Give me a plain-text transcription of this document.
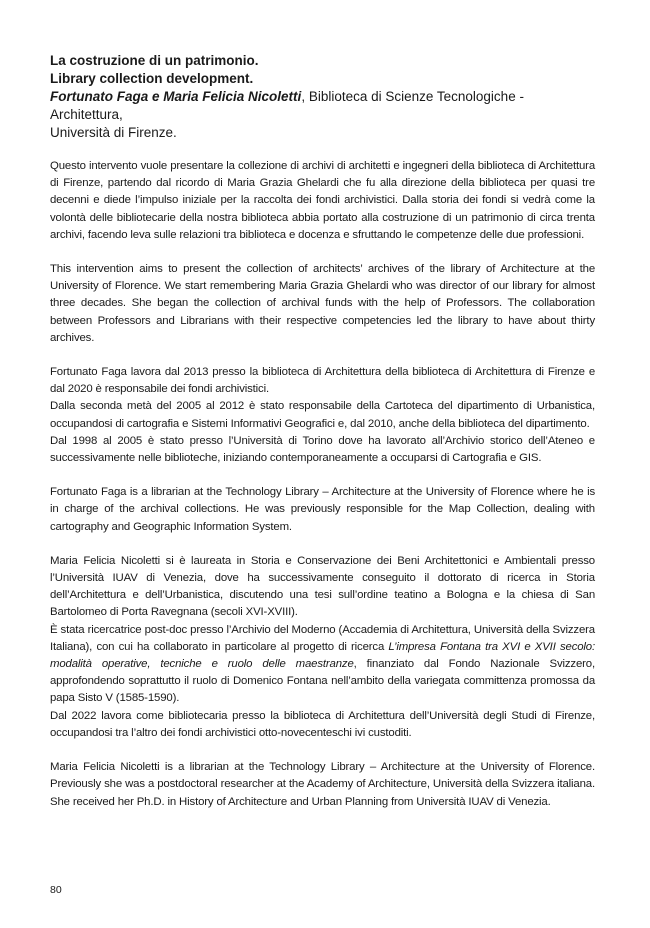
La costruzione di un patrimonio.
Library collection development.
Fortunato Faga e Maria Felicia Nicoletti, Biblioteca di Scienze Tecnologiche - Architettura,
Università di Firenze.

Questo intervento vuole presentare la collezione di archivi di architetti e ingegneri della biblioteca di Architettura di Firenze, partendo dal ricordo di Maria Grazia Ghelardi che fu alla direzione della biblioteca per quasi tre decenni e diede l’impulso iniziale per la raccolta dei fondi archivistici. Dalla storia dei fondi si vedrà come la volontà delle bibliotecarie della nostra biblioteca abbia portato alla costruzione di un patrimonio di circa trenta archivi, facendo leva sulle relazioni tra biblioteca e docenza e sfruttando le competenze delle due professioni.

This intervention aims to present the collection of architects’ archives of the library of Architecture at the University of Florence. We start remembering Maria Grazia Ghelardi who was director of our library for almost three decades. She began the collection of archival funds with the help of Professors. The collaboration between Professors and Librarians with their respective competencies led the library to have about thirty archives.

Fortunato Faga lavora dal 2013 presso la biblioteca di Architettura della biblioteca di Architettura di Firenze e dal 2020 è responsabile dei fondi archivistici.
Dalla seconda metà del 2005 al 2012 è stato responsabile della Cartoteca del dipartimento di Urbanistica, occupandosi di cartografia e Sistemi Informativi Geografici e, dal 2010, anche della biblioteca del dipartimento.
Dal 1998 al 2005 è stato presso l’Università di Torino dove ha lavorato all’Archivio storico dell’Ateneo e successivamente nelle biblioteche, iniziando contemporaneamente a occuparsi di Cartografia e GIS.

Fortunato Faga is a librarian at the Technology Library – Architecture at the University of Florence where he is in charge of the archival collections. He was previously responsible for the Map Collection, dealing with cartography and Geographic Information System.

Maria Felicia Nicoletti si è laureata in Storia e Conservazione dei Beni Architettonici e Ambientali presso l’Università IUAV di Venezia, dove ha successivamente conseguito il dottorato di ricerca in Storia dell’Architettura e dell’Urbanistica, discutendo una tesi sull’ordine teatino a Bologna e la chiesa di San Bartolomeo di Porta Ravegnana (secoli XVI-XVIII).
È stata ricercatrice post-doc presso l’Archivio del Moderno (Accademia di Architettura, Università della Svizzera Italiana), con cui ha collaborato in particolare al progetto di ricerca L’impresa Fontana tra XVI e XVII secolo: modalità operative, tecniche e ruolo delle maestranze, finanziato dal Fondo Nazionale Svizzero, approfondendo soprattutto il ruolo di Domenico Fontana nell’ambito della variegata committenza promossa da papa Sisto V (1585-1590).
Dal 2022 lavora come bibliotecaria presso la biblioteca di Architettura dell’Università degli Studi di Firenze, occupandosi tra l’altro dei fondi archivistici otto-novecenteschi ivi custoditi.

Maria Felicia Nicoletti is a librarian at the Technology Library – Architecture at the University of Florence. Previously she was a postdoctoral researcher at the Academy of Architecture, Università della Svizzera italiana. She received her Ph.D. in History of Architecture and Urban Planning from Università IUAV di Venezia.

80
